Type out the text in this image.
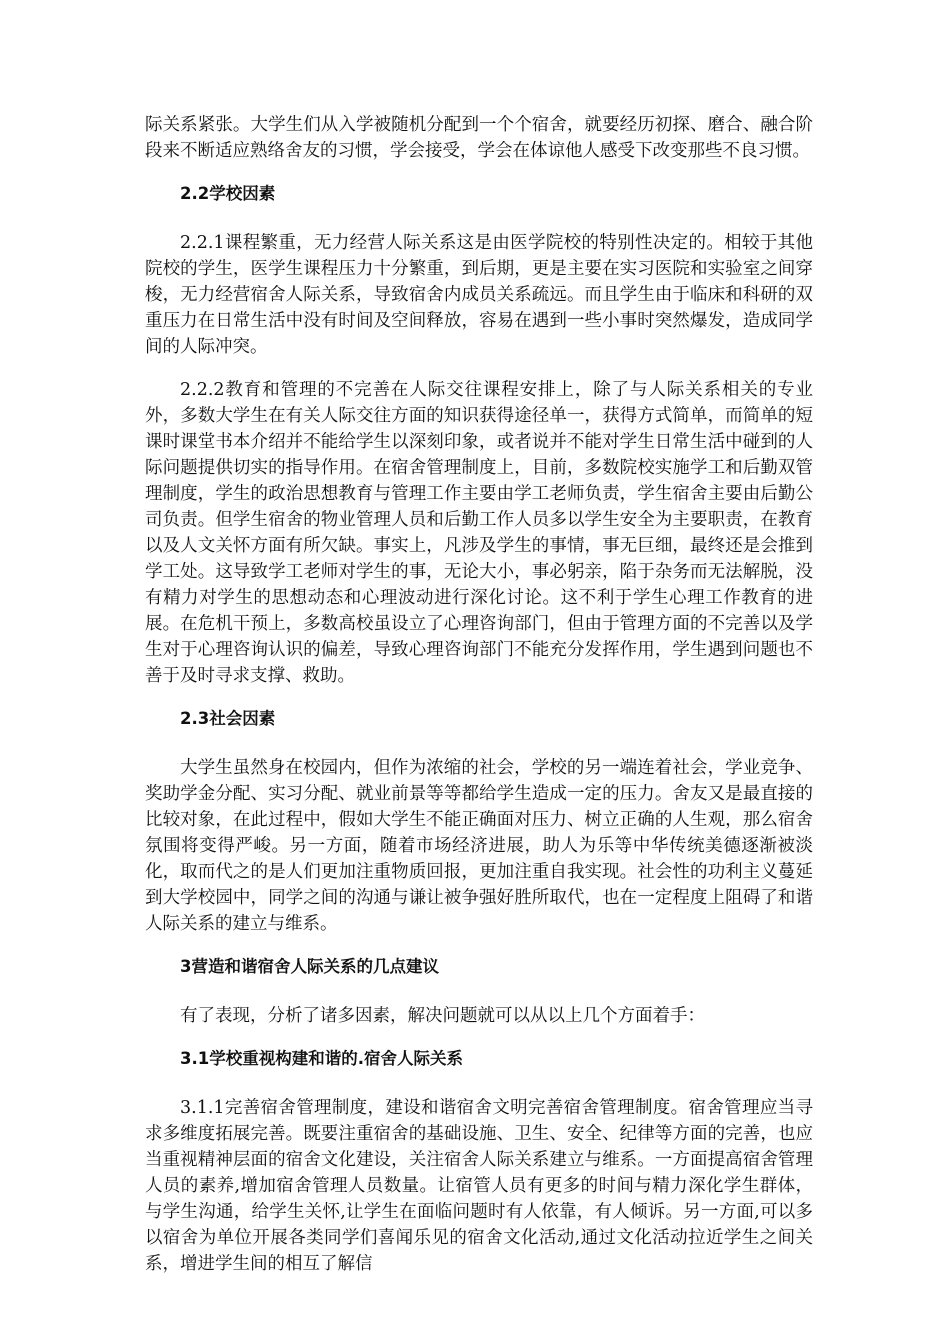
际关系紧张。大学生们从入学被随机分配到一个个宿舍，就要经历初探、磨合、融合阶段来不断适应熟络舍友的习惯，学会接受，学会在体谅他人感受下改变那些不良习惯。

2.2学校因素

2.2.1课程繁重，无力经营人际关系这是由医学院校的特别性决定的。相较于其他院校的学生，医学生课程压力十分繁重，到后期，更是主要在实习医院和实验室之间穿梭，无力经营宿舍人际关系，导致宿舍内成员关系疏远。而且学生由于临床和科研的双重压力在日常生活中没有时间及空间释放，容易在遇到一些小事时突然爆发，造成同学间的人际冲突。

2.2.2教育和管理的不完善在人际交往课程安排上，除了与人际关系相关的专业外，多数大学生在有关人际交往方面的知识获得途径单一，获得方式简单，而简单的短课时课堂书本介绍并不能给学生以深刻印象，或者说并不能对学生日常生活中碰到的人际问题提供切实的指导作用。在宿舍管理制度上，目前，多数院校实施学工和后勤双管理制度，学生的政治思想教育与管理工作主要由学工老师负责，学生宿舍主要由后勤公司负责。但学生宿舍的物业管理人员和后勤工作人员多以学生安全为主要职责，在教育以及人文关怀方面有所欠缺。事实上，凡涉及学生的事情，事无巨细，最终还是会推到学工处。这导致学工老师对学生的事，无论大小，事必躬亲，陷于杂务而无法解脱，没有精力对学生的思想动态和心理波动进行深化讨论。这不利于学生心理工作教育的进展。在危机干预上，多数高校虽设立了心理咨询部门，但由于管理方面的不完善以及学生对于心理咨询认识的偏差，导致心理咨询部门不能充分发挥作用，学生遇到问题也不善于及时寻求支撑、救助。

2.3社会因素

大学生虽然身在校园内，但作为浓缩的社会，学校的另一端连着社会，学业竞争、奖助学金分配、实习分配、就业前景等等都给学生造成一定的压力。舍友又是最直接的比较对象，在此过程中，假如大学生不能正确面对压力、树立正确的人生观，那么宿舍氛围将变得严峻。另一方面，随着市场经济进展，助人为乐等中华传统美德逐渐被淡化，取而代之的是人们更加注重物质回报，更加注重自我实现。社会性的功利主义蔓延到大学校园中，同学之间的沟通与谦让被争强好胜所取代，也在一定程度上阻碍了和谐人际关系的建立与维系。

3营造和谐宿舍人际关系的几点建议

有了表现，分析了诸多因素，解决问题就可以从以上几个方面着手：

3.1学校重视构建和谐的.宿舍人际关系

3.1.1完善宿舍管理制度，建设和谐宿舍文明完善宿舍管理制度。宿舍管理应当寻求多维度拓展完善。既要注重宿舍的基础设施、卫生、安全、纪律等方面的完善，也应当重视精神层面的宿舍文化建设，关注宿舍人际关系建立与维系。一方面提高宿舍管理人员的素养,增加宿舍管理人员数量。让宿管人员有更多的时间与精力深化学生群体，与学生沟通，给学生关怀,让学生在面临问题时有人依靠，有人倾诉。另一方面,可以多以宿舍为单位开展各类同学们喜闻乐见的宿舍文化活动,通过文化活动拉近学生之间关系，增进学生间的相互了解信
